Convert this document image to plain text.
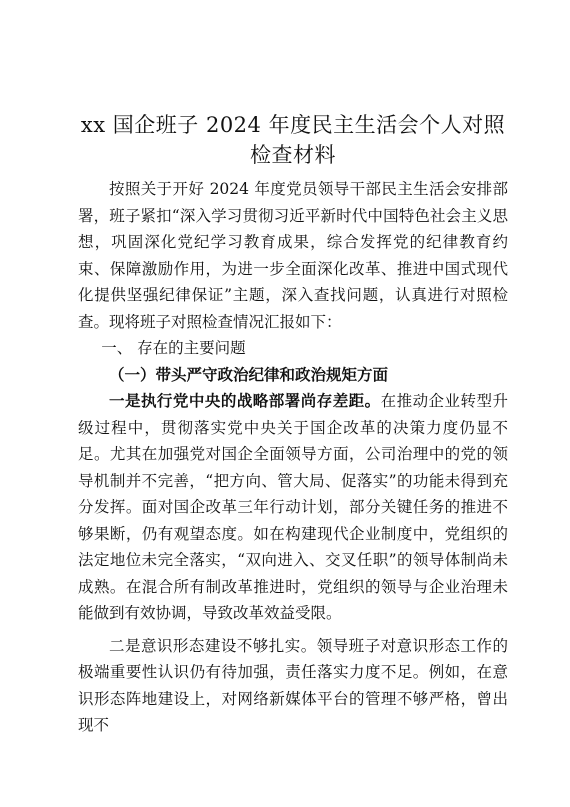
xx 国企班子 2024 年度民主生活会个人对照
检查材料

按照关于开好 2024 年度党员领导干部民主生活会安排部署，班子紧扣“深入学习贯彻习近平新时代中国特色社会主义思想，巩固深化党纪学习教育成果，综合发挥党的纪律教育约束、保障激励作用，为进一步全面深化改革、推进中国式现代化提供坚强纪律保证”主题，深入查找问题，认真进行对照检查。现将班子对照检查情况汇报如下：

一、 存在的主要问题

（一）带头严守政治纪律和政治规矩方面

一是执行党中央的战略部署尚存差距。在推动企业转型升级过程中，贯彻落实党中央关于国企改革的决策力度仍显不足。尤其在加强党对国企全面领导方面，公司治理中的党的领导机制并不完善，“把方向、管大局、促落实”的功能未得到充分发挥。面对国企改革三年行动计划，部分关键任务的推进不够果断，仍有观望态度。如在构建现代企业制度中，党组织的法定地位未完全落实，“双向进入、交叉任职”的领导体制尚未成熟。在混合所有制改革推进时，党组织的领导与企业治理未能做到有效协调，导致改革效益受限。

二是意识形态建设不够扎实。领导班子对意识形态工作的极端重要性认识仍有待加强，责任落实力度不足。例如，在意识形态阵地建设上，对网络新媒体平台的管理不够严格，曾出现不
